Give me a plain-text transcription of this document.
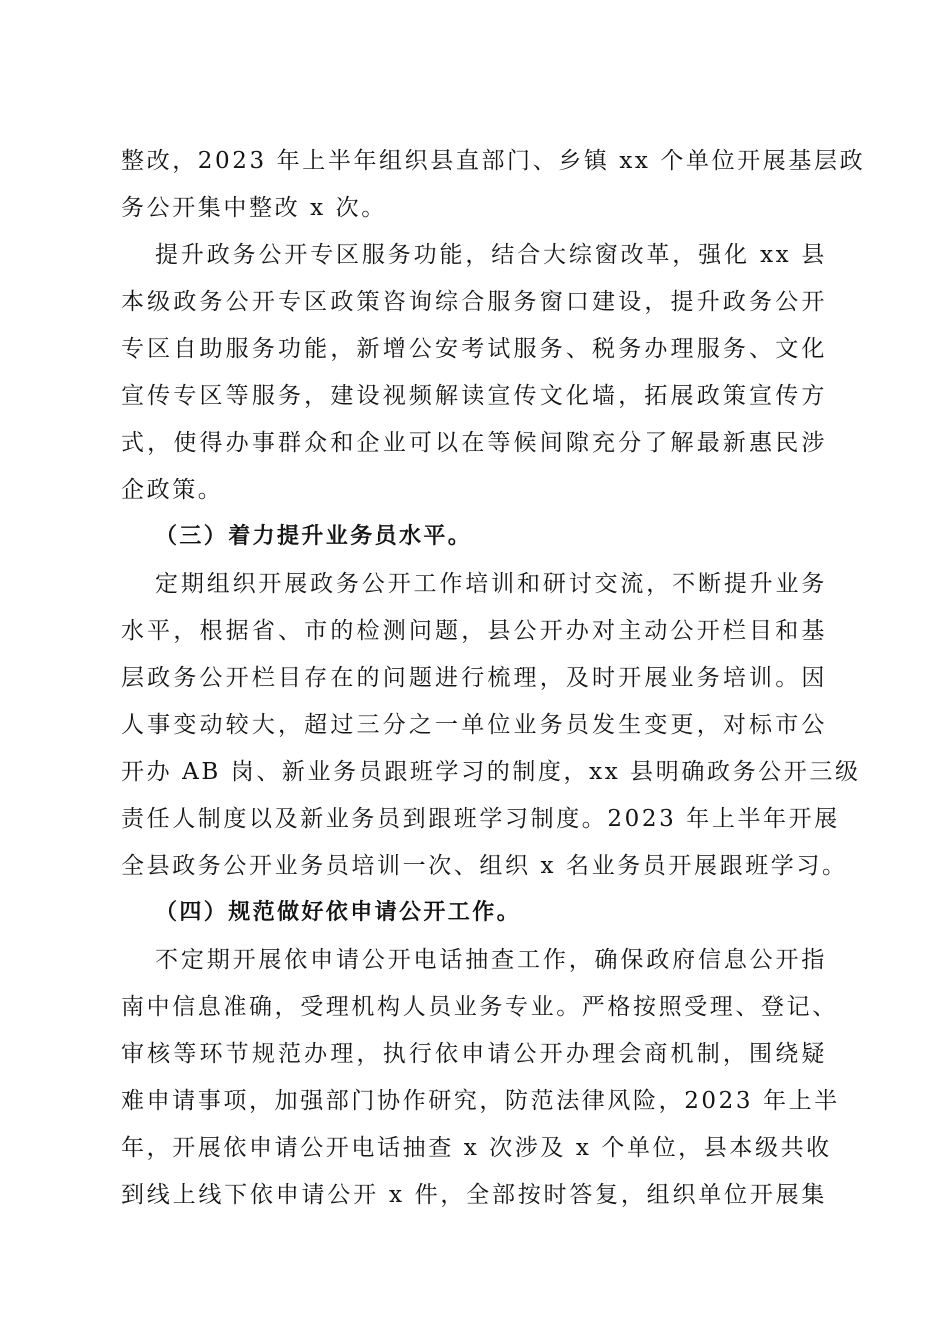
整改，2023 年上半年组织县直部门、乡镇 xx 个单位开展基层政
务公开集中整改 x 次。
提升政务公开专区服务功能，结合大综窗改革，强化 xx 县
本级政务公开专区政策咨询综合服务窗口建设，提升政务公开
专区自助服务功能，新增公安考试服务、税务办理服务、文化
宣传专区等服务，建设视频解读宣传文化墙，拓展政策宣传方
式，使得办事群众和企业可以在等候间隙充分了解最新惠民涉
企政策。
（三）着力提升业务员水平。
定期组织开展政务公开工作培训和研讨交流，不断提升业务
水平，根据省、市的检测问题，县公开办对主动公开栏目和基
层政务公开栏目存在的问题进行梳理，及时开展业务培训。因
人事变动较大，超过三分之一单位业务员发生变更，对标市公
开办 AB 岗、新业务员跟班学习的制度，xx 县明确政务公开三级
责任人制度以及新业务员到跟班学习制度。2023 年上半年开展
全县政务公开业务员培训一次、组织 x 名业务员开展跟班学习。
（四）规范做好依申请公开工作。
不定期开展依申请公开电话抽查工作，确保政府信息公开指
南中信息准确，受理机构人员业务专业。严格按照受理、登记、
审核等环节规范办理，执行依申请公开办理会商机制，围绕疑
难申请事项，加强部门协作研究，防范法律风险，2023 年上半
年，开展依申请公开电话抽查 x 次涉及 x 个单位，县本级共收
到线上线下依申请公开 x 件，全部按时答复，组织单位开展集
